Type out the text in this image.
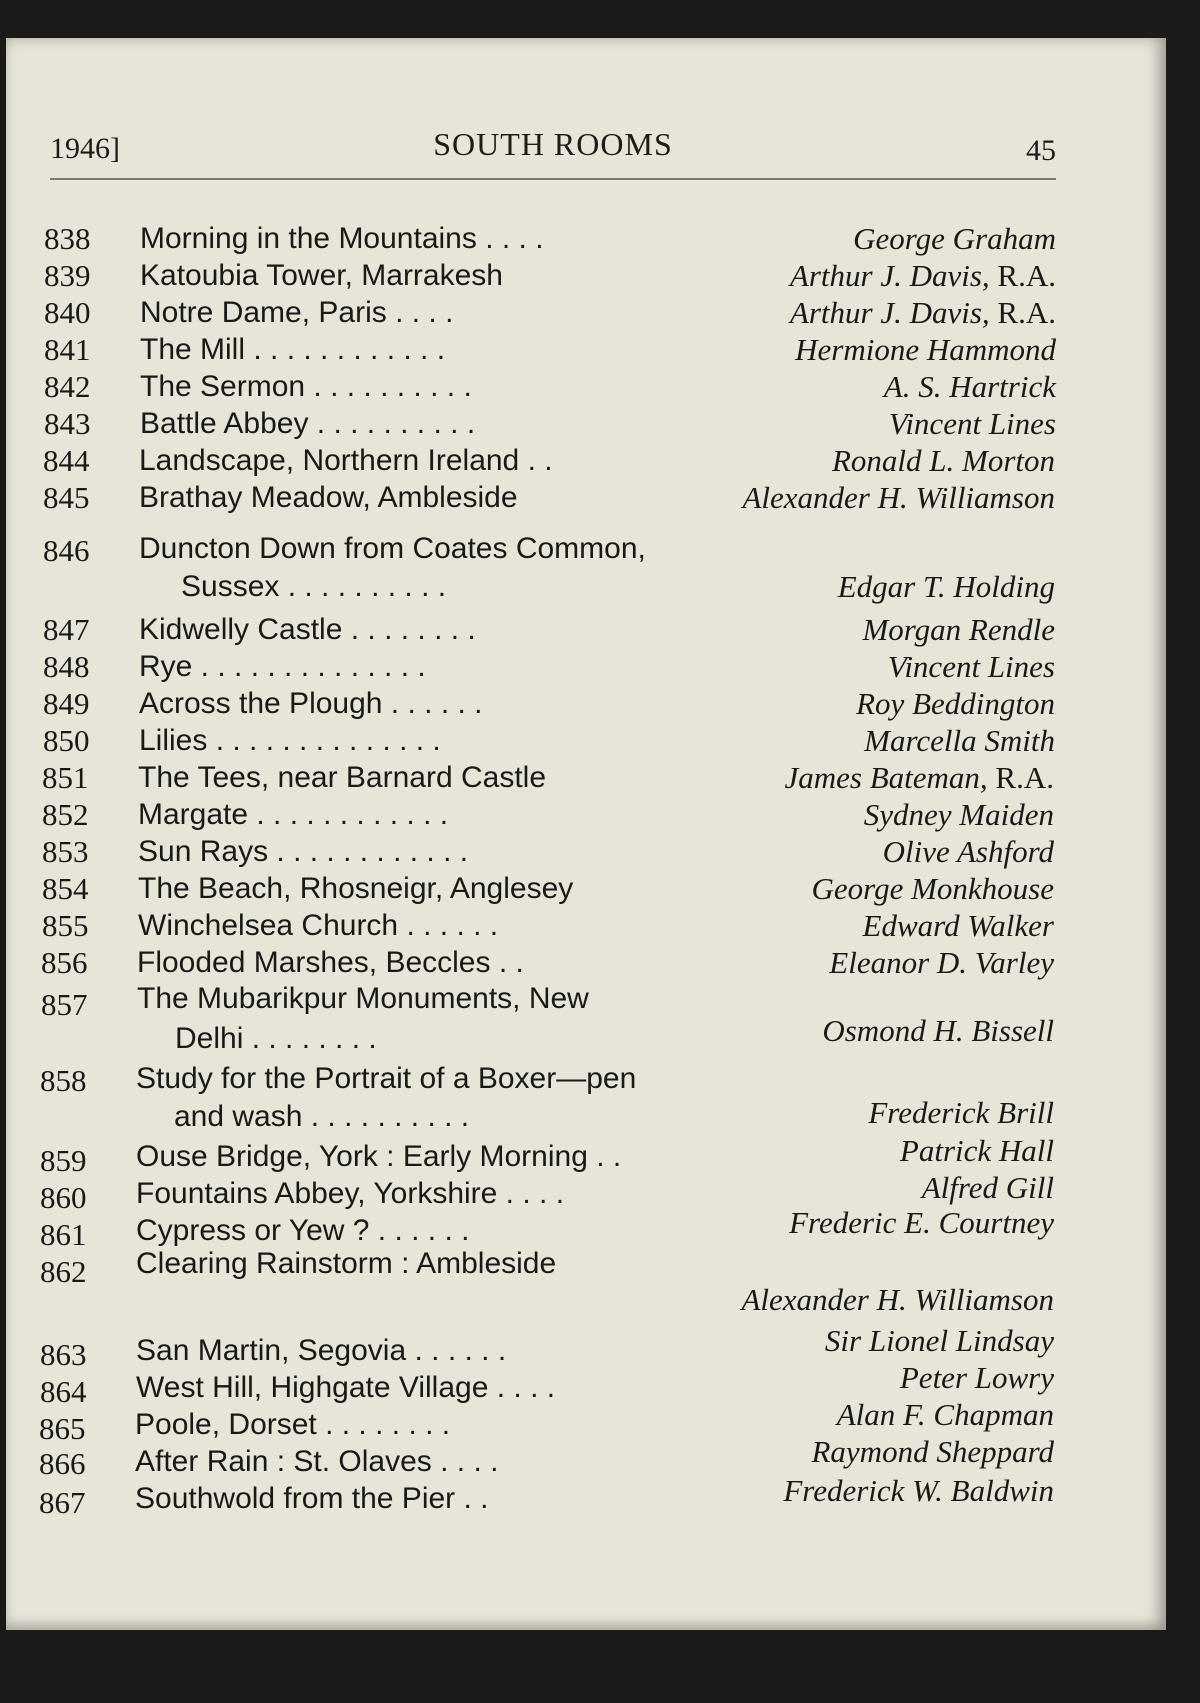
1946]	SOUTH ROOMS	45
838 Morning in the Mountains . . . .	George Graham
839 Katoubia Tower, Marrakesh	Arthur J. Davis, R.A.
840 Notre Dame, Paris . . . .	Arthur J. Davis, R.A.
841 The Mill . . . . . . . . . . . .	Hermione Hammond
842 The Sermon . . . . . . . . . .	A. S. Hartrick
843 Battle Abbey . . . . . . . . . .	Vincent Lines
844 Landscape, Northern Ireland . .	Ronald L. Morton
845 Brathay Meadow, Ambleside	Alexander H. Williamson
846 Duncton Down from Coates Common,
Sussex . . . . . . . . . .	Edgar T. Holding
847 Kidwelly Castle . . . . . . . .	Morgan Rendle
848 Rye . . . . . . . . . . . . . .	Vincent Lines
849 Across the Plough . . . . . .	Roy Beddington
850 Lilies . . . . . . . . . . . . . .	Marcella Smith
851 The Tees, near Barnard Castle	James Bateman, R.A.
852 Margate . . . . . . . . . . . .	Sydney Maiden
853 Sun Rays . . . . . . . . . . . .	Olive Ashford
854 The Beach, Rhosneigr, Anglesey	George Monkhouse
855 Winchelsea Church . . . . . .	Edward Walker
856 Flooded Marshes, Beccles . .	Eleanor D. Varley
857 The Mubarikpur Monuments, New
Delhi . . . . . . . .	Osmond H. Bissell
858 Study for the Portrait of a Boxer—pen
and wash . . . . . . . . . .	Frederick Brill
859 Ouse Bridge, York : Early Morning . .	Patrick Hall
860 Fountains Abbey, Yorkshire . . . .	Alfred Gill
861 Cypress or Yew ? . . . . . .	Frederic E. Courtney
862 Clearing Rainstorm : Ambleside
Alexander H. Williamson
863 San Martin, Segovia . . . . . .	Sir Lionel Lindsay
864 West Hill, Highgate Village . . . .	Peter Lowry
865 Poole, Dorset . . . . . . . .	Alan F. Chapman
866 After Rain : St. Olaves . . . .	Raymond Sheppard
867 Southwold from the Pier . .	Frederick W. Baldwin
